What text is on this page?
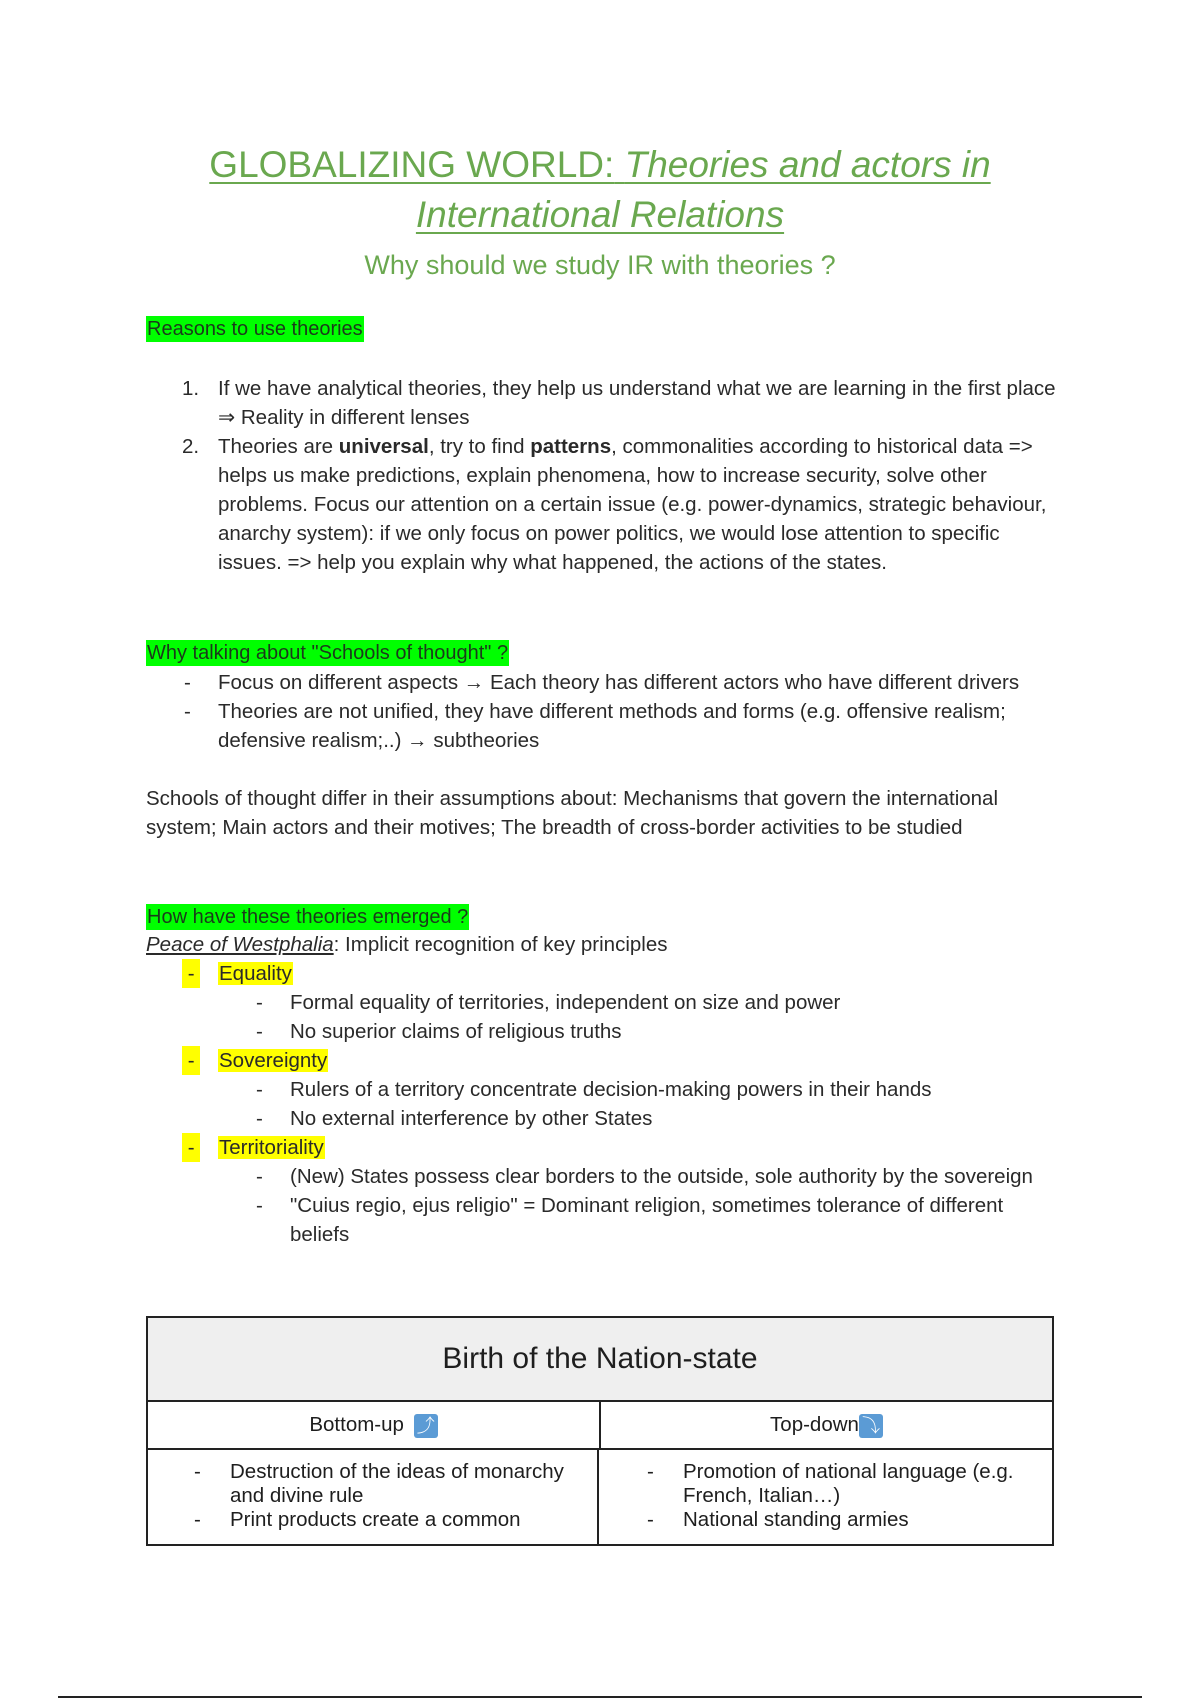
GLOBALIZING WORLD: Theories and actors in
International Relations
Why should we study IR with theories ?
Reasons to use theories
1. If we have analytical theories, they help us understand what we are learning in the first place ⇒ Reality in different lenses
2. Theories are universal, try to find patterns, commonalities according to historical data => helps us make predictions, explain phenomena, how to increase security, solve other problems. Focus our attention on a certain issue (e.g. power-dynamics, strategic behaviour, anarchy system): if we only focus on power politics, we would lose attention to specific issues. => help you explain why what happened, the actions of the states.
Why talking about "Schools of thought" ?
- Focus on different aspects → Each theory has different actors who have different drivers
- Theories are not unified, they have different methods and forms (e.g. offensive realism; defensive realism;..) → subtheories
Schools of thought differ in their assumptions about: Mechanisms that govern the international system; Main actors and their motives; The breadth of cross-border activities to be studied
How have these theories emerged ?
Peace of Westphalia: Implicit recognition of key principles
- Equality
- Formal equality of territories, independent on size and power
- No superior claims of religious truths
- Sovereignty
- Rulers of a territory concentrate decision-making powers in their hands
- No external interference by other States
- Territoriality
- (New) States possess clear borders to the outside, sole authority by the sovereign
- "Cuius regio, ejus religio" = Dominant religion, sometimes tolerance of different beliefs
Birth of the Nation-state
Bottom-up ⤴	Top-down ⤵
- Destruction of the ideas of monarchy and divine rule
- Print products create a common
- Promotion of national language (e.g. French, Italian…)
- National standing armies
